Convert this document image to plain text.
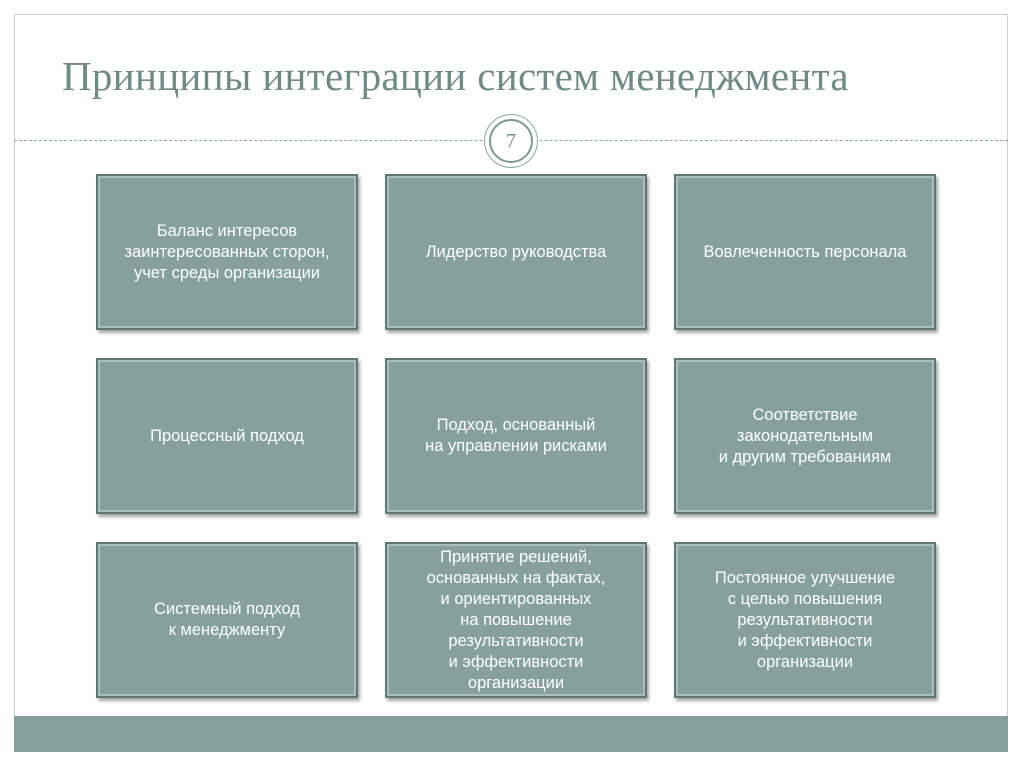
Принципы интеграции систем менеджмента
7
Баланс интересов
заинтересованных сторон,
учет среды организации
Лидерство руководства	Вовлеченность персонала
Процессный подход
Подход, основанный
на управлении рисками
Соответствие
законодательным
и другим требованиям
Системный подход
к менеджменту
Принятие решений,
основанных на фактах,
и ориентированных
на повышение
результативности
и эффективности
организации
Постоянное улучшение
с целью повышения
результативности
и эффективности
организации
